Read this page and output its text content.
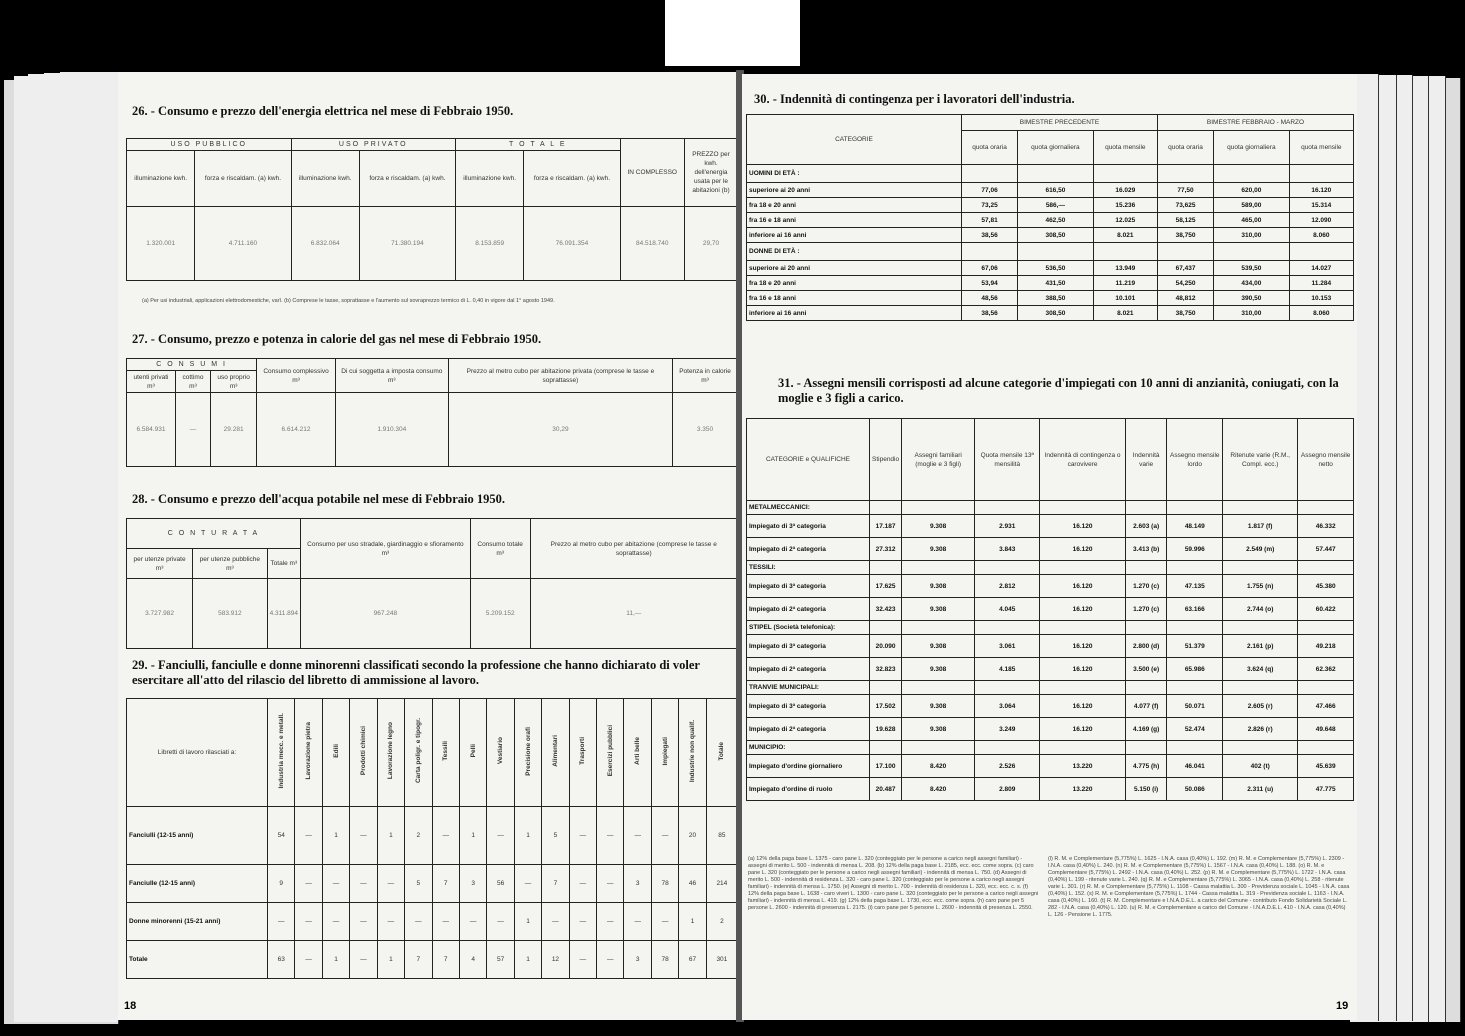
26. - Consumo e prezzo dell'energia elettrica nel mese di Febbraio 1950.
USO PUBBLICO		USO PRIVATO		T O T A L E		IN COMPLESSO	PREZZO per kwh. dell'energia usata per le abitazioni (b)
illuminazione kwh.	forza e riscaldam. (a) kwh.	illuminazione kwh.	forza e riscaldam. (a) kwh.	illuminazione kwh.	forza e riscaldam. (a) kwh.		
1.320.001	4.711.160	6.832.064	71.380.194	8.153.859	76.091.354	84.518.740	29,70
(a) Per usi industriali, applicazioni elettrodomestiche, varî. (b) Comprese le tasse, soprattasse e l'aumento sul sovraprezzo termico di L. 0,40 in vigore dal 1° agosto 1949.
27. - Consumo, prezzo e potenza in calorie del gas nel mese di Febbraio 1950.
C O N S U M I			Consumo complessivo m³	Di cui soggetta a imposta consumo m³	Prezzo al metro cubo per abitazione privata (comprese le tasse e soprattasse)	Potenza in calorie m³
utenti privati m³	cottimo m³	uso proprio m³				
6.584.931	—	29.281	6.614.212	1.910.304	30,29	3.350
28. - Consumo e prezzo dell'acqua potabile nel mese di Febbraio 1950.
C O N T U R A T A			Consumo per uso stradale, giardinaggio e sfioramento m³	Consumo totale m³	Prezzo al metro cubo per abitazione (comprese le tasse e soprattasse)
per utenze private m³	per utenze pubbliche m³	Totale m³			
3.727.982	583.912	4.311.894	967.248	5.209.152	11,—
29. - Fanciulli, fanciulle e donne minorenni classificati secondo la professione che hanno dichiarato di voler esercitare all'atto del rilascio del libretto di ammissione al lavoro.
Libretti di lavoro rilasciati a:	Industria mecc. e metall.	Lavorazione pietra	Edili	Prodotti chimici	Lavorazione legno	Carta poligr. e tipogr.	Tessili	Pelli	Vestiario	Precisione orafi	Alimentari	Trasporti	Esercizi pubblici	Arti belle	Impiegati	Industrie non qualif.	Totale
Fanciulli (12-15 anni)	54	—	1	—	1	2	—	1	—	1	5	—	—	—	—	20	85
Fanciulle (12-15 anni)	9	—	—	—	—	5	7	3	56	—	7	—	—	3	78	46	214
Donne minorenni (15-21 anni)	—	—	—	—	—	—	—	—	—	1	—	—	—	—	—	1	2
Totale	63	—	1	—	1	7	7	4	57	1	12	—	—	3	78	67	301
18
30. - Indennità di contingenza per i lavoratori dell'industria.
CATEGORIE	BIMESTRE PRECEDENTE			BIMESTRE FEBBRAIO - MARZO		
	quota oraria	quota giornaliera	quota mensile	quota oraria	quota giornaliera	quota mensile
UOMINI DI ETÀ :						
superiore ai 20 anni	77,06	616,50	16.029	77,50	620,00	16.120
fra 18 e 20 anni	73,25	586,—	15.236	73,625	589,00	15.314
fra 16 e 18 anni	57,81	462,50	12.025	58,125	465,00	12.090
inferiore ai 16 anni	38,56	308,50	8.021	38,750	310,00	8.060
DONNE DI ETÀ :						
superiore ai 20 anni	67,06	536,50	13.949	67,437	539,50	14.027
fra 18 e 20 anni	53,94	431,50	11.219	54,250	434,00	11.284
fra 16 e 18 anni	48,56	388,50	10.101	48,812	390,50	10.153
inferiore ai 16 anni	38,56	308,50	8.021	38,750	310,00	8.060
31. - Assegni mensili corrisposti ad alcune categorie d'impiegati con 10 anni di anzianità, coniugati, con la moglie e 3 figli a carico.
CATEGORIE e QUALIFICHE	Stipendio	Assegni familiari (moglie e 3 figli)	Quota mensile 13ª mensilità	Indennità di contingenza o carovivere	Indennità varie	Assegno mensile lordo	Ritenute varie (R.M., Compl. ecc.)	Assegno mensile netto
METALMECCANICI:								
Impiegato di 3ª categoria	17.187	9.308	2.931	16.120	2.603 (a)	48.149	1.817 (f)	46.332
Impiegato di 2ª categoria	27.312	9.308	3.843	16.120	3.413 (b)	59.996	2.549 (m)	57.447
TESSILI:								
Impiegato di 3ª categoria	17.625	9.308	2.812	16.120	1.270 (c)	47.135	1.755 (n)	45.380
Impiegato di 2ª categoria	32.423	9.308	4.045	16.120	1.270 (c)	63.166	2.744 (o)	60.422
STIPEL (Società telefonica):								
Impiegato di 3ª categoria	20.090	9.308	3.061	16.120	2.800 (d)	51.379	2.161 (p)	49.218
Impiegato di 2ª categoria	32.823	9.308	4.185	16.120	3.500 (e)	65.986	3.624 (q)	62.362
TRANVIE MUNICIPALI:								
Impiegato di 3ª categoria	17.502	9.308	3.064	16.120	4.077 (f)	50.071	2.605 (r)	47.466
Impiegato di 2ª categoria	19.628	9.308	3.249	16.120	4.169 (g)	52.474	2.826 (r)	49.648
MUNICIPIO:								
Impiegato d'ordine giornaliero	17.100	8.420	2.526	13.220	4.775 (h)	46.041	402 (t)	45.639
Impiegato d'ordine di ruolo	20.487	8.420	2.809	13.220	5.150 (i)	50.086	2.311 (u)	47.775
(a) 12% della paga base L. 1375 - caro pane L. 320 (conteggiato per le persone a carico negli assegni familiari) - assegni di merito L. 500 - indennità di mensa L. 208. (b) 12% della paga base L. 2185, ecc. ecc. come sopra. (c) caro pane L. 320 (conteggiato per le persone a carico negli assegni familiari) - indennità di mensa L. 750. (d) Assegni di merito L. 500 - indennità di residenza L. 320 - caro pane L. 320 (conteggiato per le persone a carico negli assegni familiari) - indennità di mensa L. 1750. (e) Assegni di merito L. 700 - indennità di residenza L. 320, ecc. ecc. c. s. (f) 12% della paga base L. 1638 - caro viveri L. 1300 - caro pane L. 320 (conteggiato per le persone a carico negli assegni familiari) - indennità di mensa L. 419. (g) 12% della paga base L. 1730, ecc. ecc. come sopra. (h) caro pane per 5 persone L. 2600 - indennità di presenza L. 2175. (i) caro pane per 5 persone L. 2600 - indennità di presenza L. 2550.
(l) R. M. e Complementare (5,775%) L. 1625 - I.N.A. casa (0,40%) L. 192. (m) R. M. e Complementare (5,775%) L. 2309 - I.N.A. casa (0,40%) L. 240. (n) R. M. e Complementare (5,775%) L. 1567 - I.N.A. casa (0,40%) L. 188. (o) R. M. e Complementare (5,775%) L. 2492 - I.N.A. casa (0,40%) L. 252. (p) R. M. e Complementare (5,775%) L. 1722 - I.N.A. casa (0,40%) L. 199 - ritenute varie L. 240. (q) R. M. e Complementare (5,775%) L. 3065 - I.N.A. casa (0,40%) L. 258 - ritenute varie L. 301. (r) R. M. e Complementare (5,775%) L. 1108 - Cassa malattia L. 300 - Previdenza sociale L. 1045 - I.N.A. casa (0,40%) L. 152. (s) R. M. e Complementare (5,775%) L. 1744 - Cassa malattia L. 319 - Previdenza sociale L. 1163 - I.N.A. casa (0,40%) L. 160. (t) R. M. Complementare e I.N.A.D.E.L. a carico del Comune - contributo Fondo Solidarietà Sociale L. 282 - I.N.A. casa (0,40%) L. 120. (u) R. M. e Complementare a carico del Comune - I.N.A.D.E.L. 410 - I.N.A. casa (0,40%) L. 126 - Pensione L. 1775.
19
